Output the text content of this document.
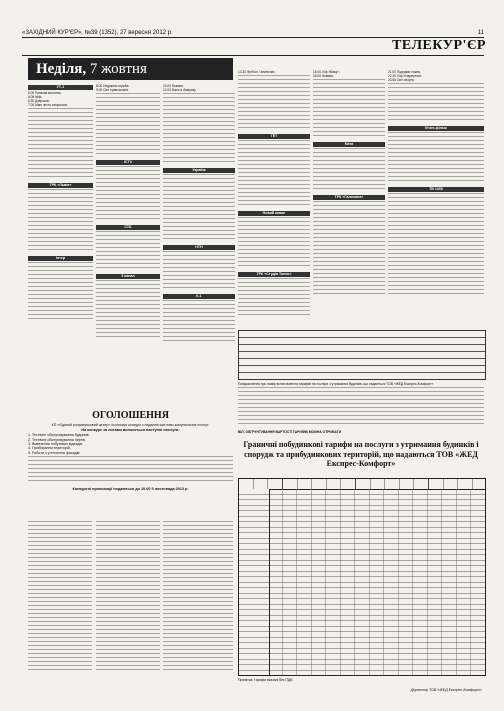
«ЗАХІДНИЙ КУР'ЄР», №39 (1352), 27 вересня 2012 р.	11
ТЕЛЕКУР'ЄР
Неділя, 7 жовтня
УТ-1
6.00 Ранкова молитва.
6.05 М/ф.
6.30 Дзеркало.
7.00 Маю честь запросити.
ТРК «Львів»
Інтер
8.00 Недільна служба.
9.00 Світ православ'я.
ICTV
СТБ
5 канал
10.00 Новини.
12.00 Вікно в Америку.
Україна
НТН
К-1
13.30 Футбол. Чемпіонат.
ТЕТ
Новий канал
ТРК «Студія Тонис»
15.00 Х/ф «Вівці».
18.00 Новини.
Мега
ТРК «Галичина»
21.00 Підсумки тижня.
22.30 Х/ф «Наречена».
23.55 Світ спорту.
Enter-фільм
ТВ 1000
Повідомлення про намір встановлення тарифів на послуги з утримання будинків, що надаються ТОВ «ЖЕД Експрес-Комфорт».
ВІЛ. ОБГРУНТУВАННЯ ВАРТОСТІ ТАРИФІВ МОЖНА ОТРИМАТИ
Граничні побудинкові тарифи на послуги з утримання будинків і спорудж та прибудинкових територій, що надаються ТОВ «ЖЕД Експрес-Комфорт»
ОГОЛОШЕННЯ
КП «Єдиний розрахунковий центр» оголошує конкурс з надання житлово-комунальних послуг:
На конкурс за лотами виносяться наступні послуги:
1. Технічне обслуговування будинків.
2. Технічне обслуговування ліфтів.
3. Вивезення побутових відходів.
4. Прибирання територій.
5. Роботи з утеплення фасадів.
Конкурсні пропозиції подаються до 10.00 5 листопада 2012 р.
Примітка: тарифи вказані без ПДВ.
Директор ТОВ «ЖЕД Експрес-Комфорт»
